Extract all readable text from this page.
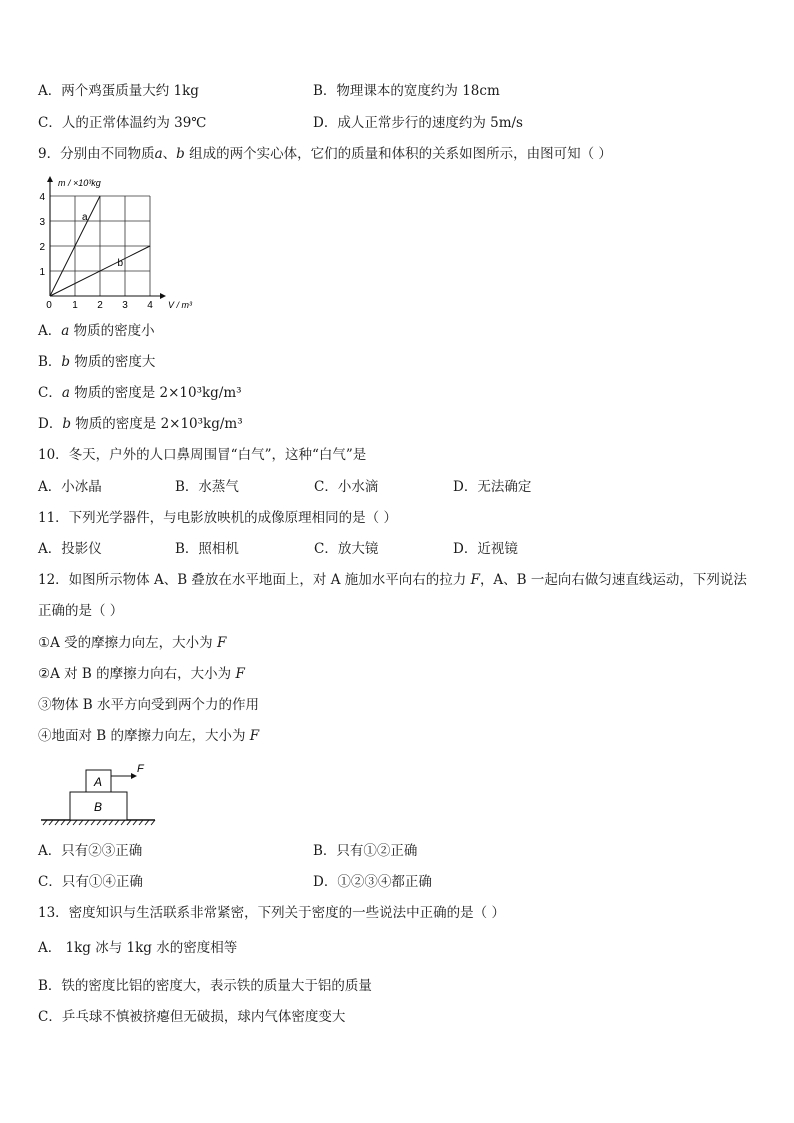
A．两个鸡蛋质量大约 1kg	B．物理课本的宽度约为 18cm
C．人的正常体温约为 39℃	D．成人正常步行的速度约为 5m/s
9．分别由不同物质a、b 组成的两个实心体，它们的质量和体积的关系如图所示，由图可知（ ）
0 1 2 3 4
1
2
3
4
m / ×10³kg
V / m³
a
b
A．a 物质的密度小
B．b 物质的密度大
C．a 物质的密度是 2×10³kg/m³
D．b 物质的密度是 2×10³kg/m³
10．冬天，户外的人口鼻周围冒“白气”，这种“白气”是
A．小冰晶	B．水蒸气	C．小水滴	D．无法确定
11．下列光学器件，与电影放映机的成像原理相同的是（ ）
A．投影仪	B．照相机	C．放大镜	D．近视镜
12．如图所示物体 A、B 叠放在水平地面上，对 A 施加水平向右的拉力 F，A、B 一起向右做匀速直线运动，下列说法
正确的是（ ）
①A 受的摩擦力向左，大小为 F
②A 对 B 的摩擦力向右，大小为 F
③物体 B 水平方向受到两个力的作用
④地面对 B 的摩擦力向左，大小为 F
B
A
F
A．只有②③正确	B．只有①②正确
C．只有①④正确	D．①②③④都正确
13．密度知识与生活联系非常紧密，下列关于密度的一些说法中正确的是（ ）
A． 1kg 冰与 1kg 水的密度相等
B．铁的密度比铝的密度大，表示铁的质量大于铝的质量
C．乒乓球不慎被挤瘪但无破损，球内气体密度变大
